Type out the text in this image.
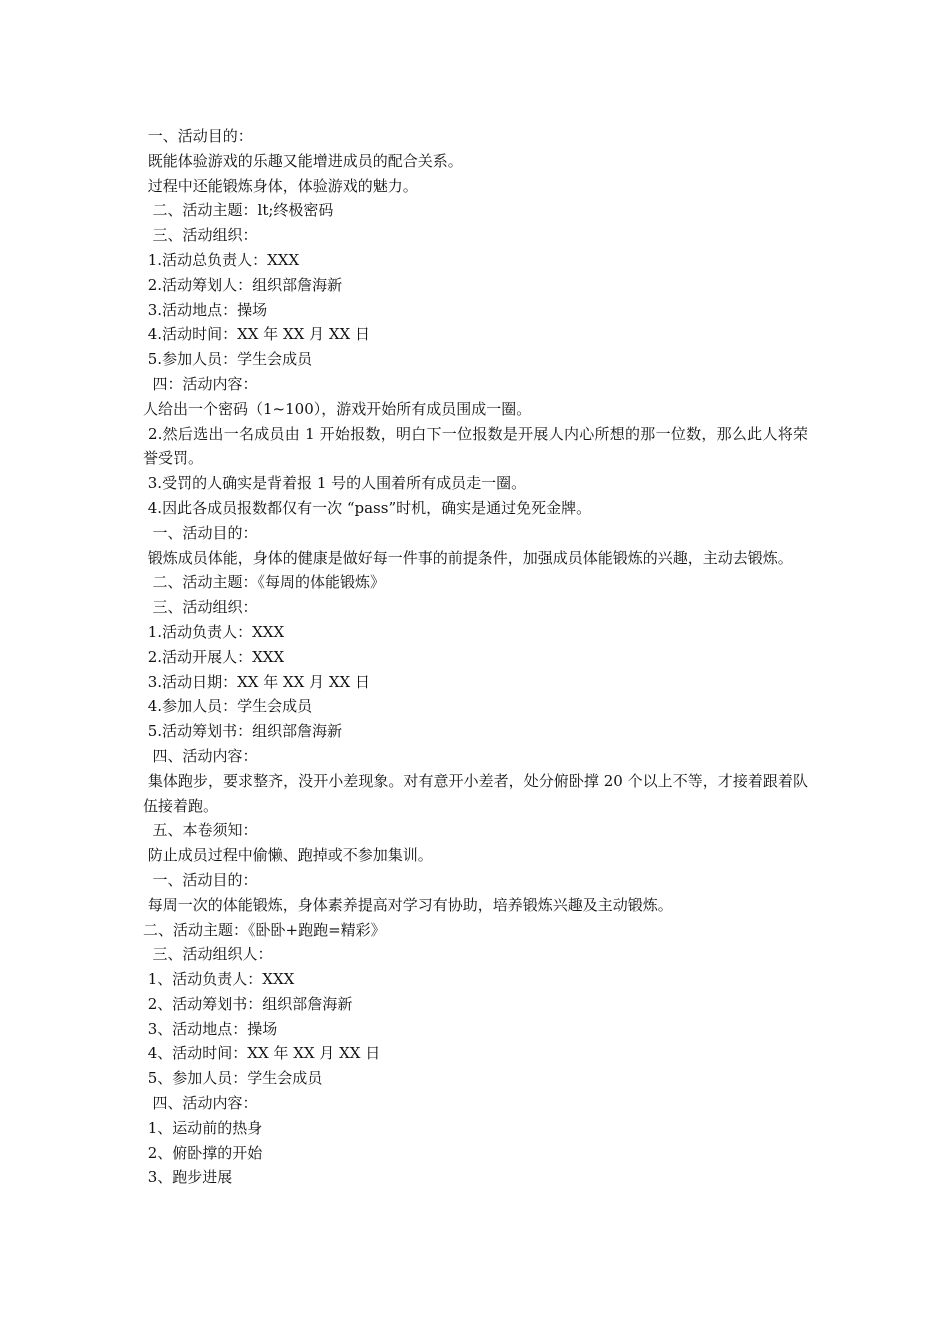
一、活动目的：
既能体验游戏的乐趣又能增进成员的配合关系。
过程中还能锻炼身体，体验游戏的魅力。
二、活动主题：lt;终极密码
三、活动组织：
1.活动总负责人：XXX
2.活动筹划人：组织部詹海新
3.活动地点：操场
4.活动时间：XX 年 XX 月 XX 日
5.参加人员：学生会成员
四：活动内容：
人给出一个密码（1~100），游戏开始所有成员围成一圈。
2.然后选出一名成员由 1 开始报数，明白下一位报数是开展人内心所想的那一位数，那么此人将荣誉受罚。
3.受罚的人确实是背着报 1 号的人围着所有成员走一圈。
4.因此各成员报数都仅有一次 “pass”时机，确实是通过免死金牌。
一、活动目的：
锻炼成员体能，身体的健康是做好每一件事的前提条件，加强成员体能锻炼的兴趣，主动去锻炼。
二、活动主题：《每周的体能锻炼》
三、活动组织：
1.活动负责人：XXX
2.活动开展人：XXX
3.活动日期：XX 年 XX 月 XX 日
4.参加人员：学生会成员
5.活动筹划书：组织部詹海新
四、活动内容：
集体跑步，要求整齐，没开小差现象。对有意开小差者，处分俯卧撑 20 个以上不等，才接着跟着队伍接着跑。
五、本卷须知：
防止成员过程中偷懒、跑掉或不参加集训。
一、活动目的：
每周一次的体能锻炼，身体素养提高对学习有协助，培养锻炼兴趣及主动锻炼。
二、活动主题：《卧卧+跑跑=精彩》
三、活动组织人：
1、活动负责人：XXX
2、活动筹划书：组织部詹海新
3、活动地点：操场
4、活动时间：XX 年 XX 月 XX 日
5、参加人员：学生会成员
四、活动内容：
1、运动前的热身
2、俯卧撑的开始
3、跑步进展
